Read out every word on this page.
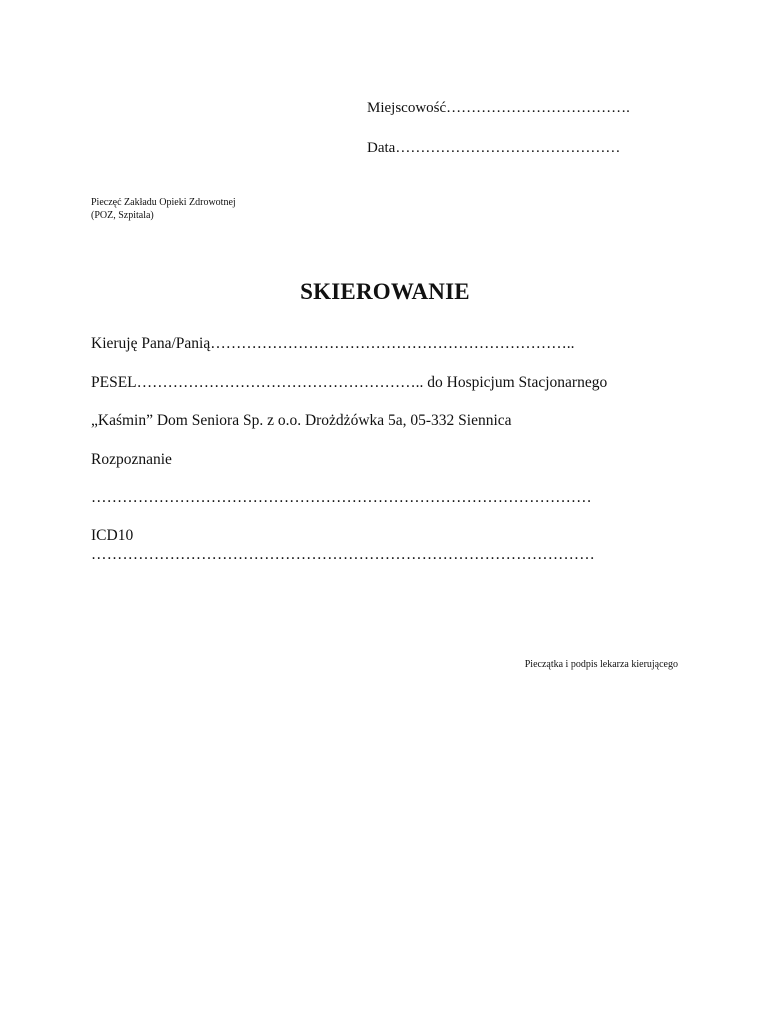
Miejscowość……………………………….
Data………………………………………
Pieczęć Zakładu Opieki Zdrowotnej
(POZ, Szpitala)
SKIEROWANIE
Kieruję Pana/Panią……………………………………………………………..
PESEL……………………………………………….. do Hospicjum Stacjonarnego
„Kaśmin” Dom Seniora Sp. z o.o. Drożdżówka 5a, 05-332 Siennica
Rozpoznanie
……………………………………………………………………………………
ICD10
……………………………………………………………………………………
Pieczątka i podpis lekarza kierującego
